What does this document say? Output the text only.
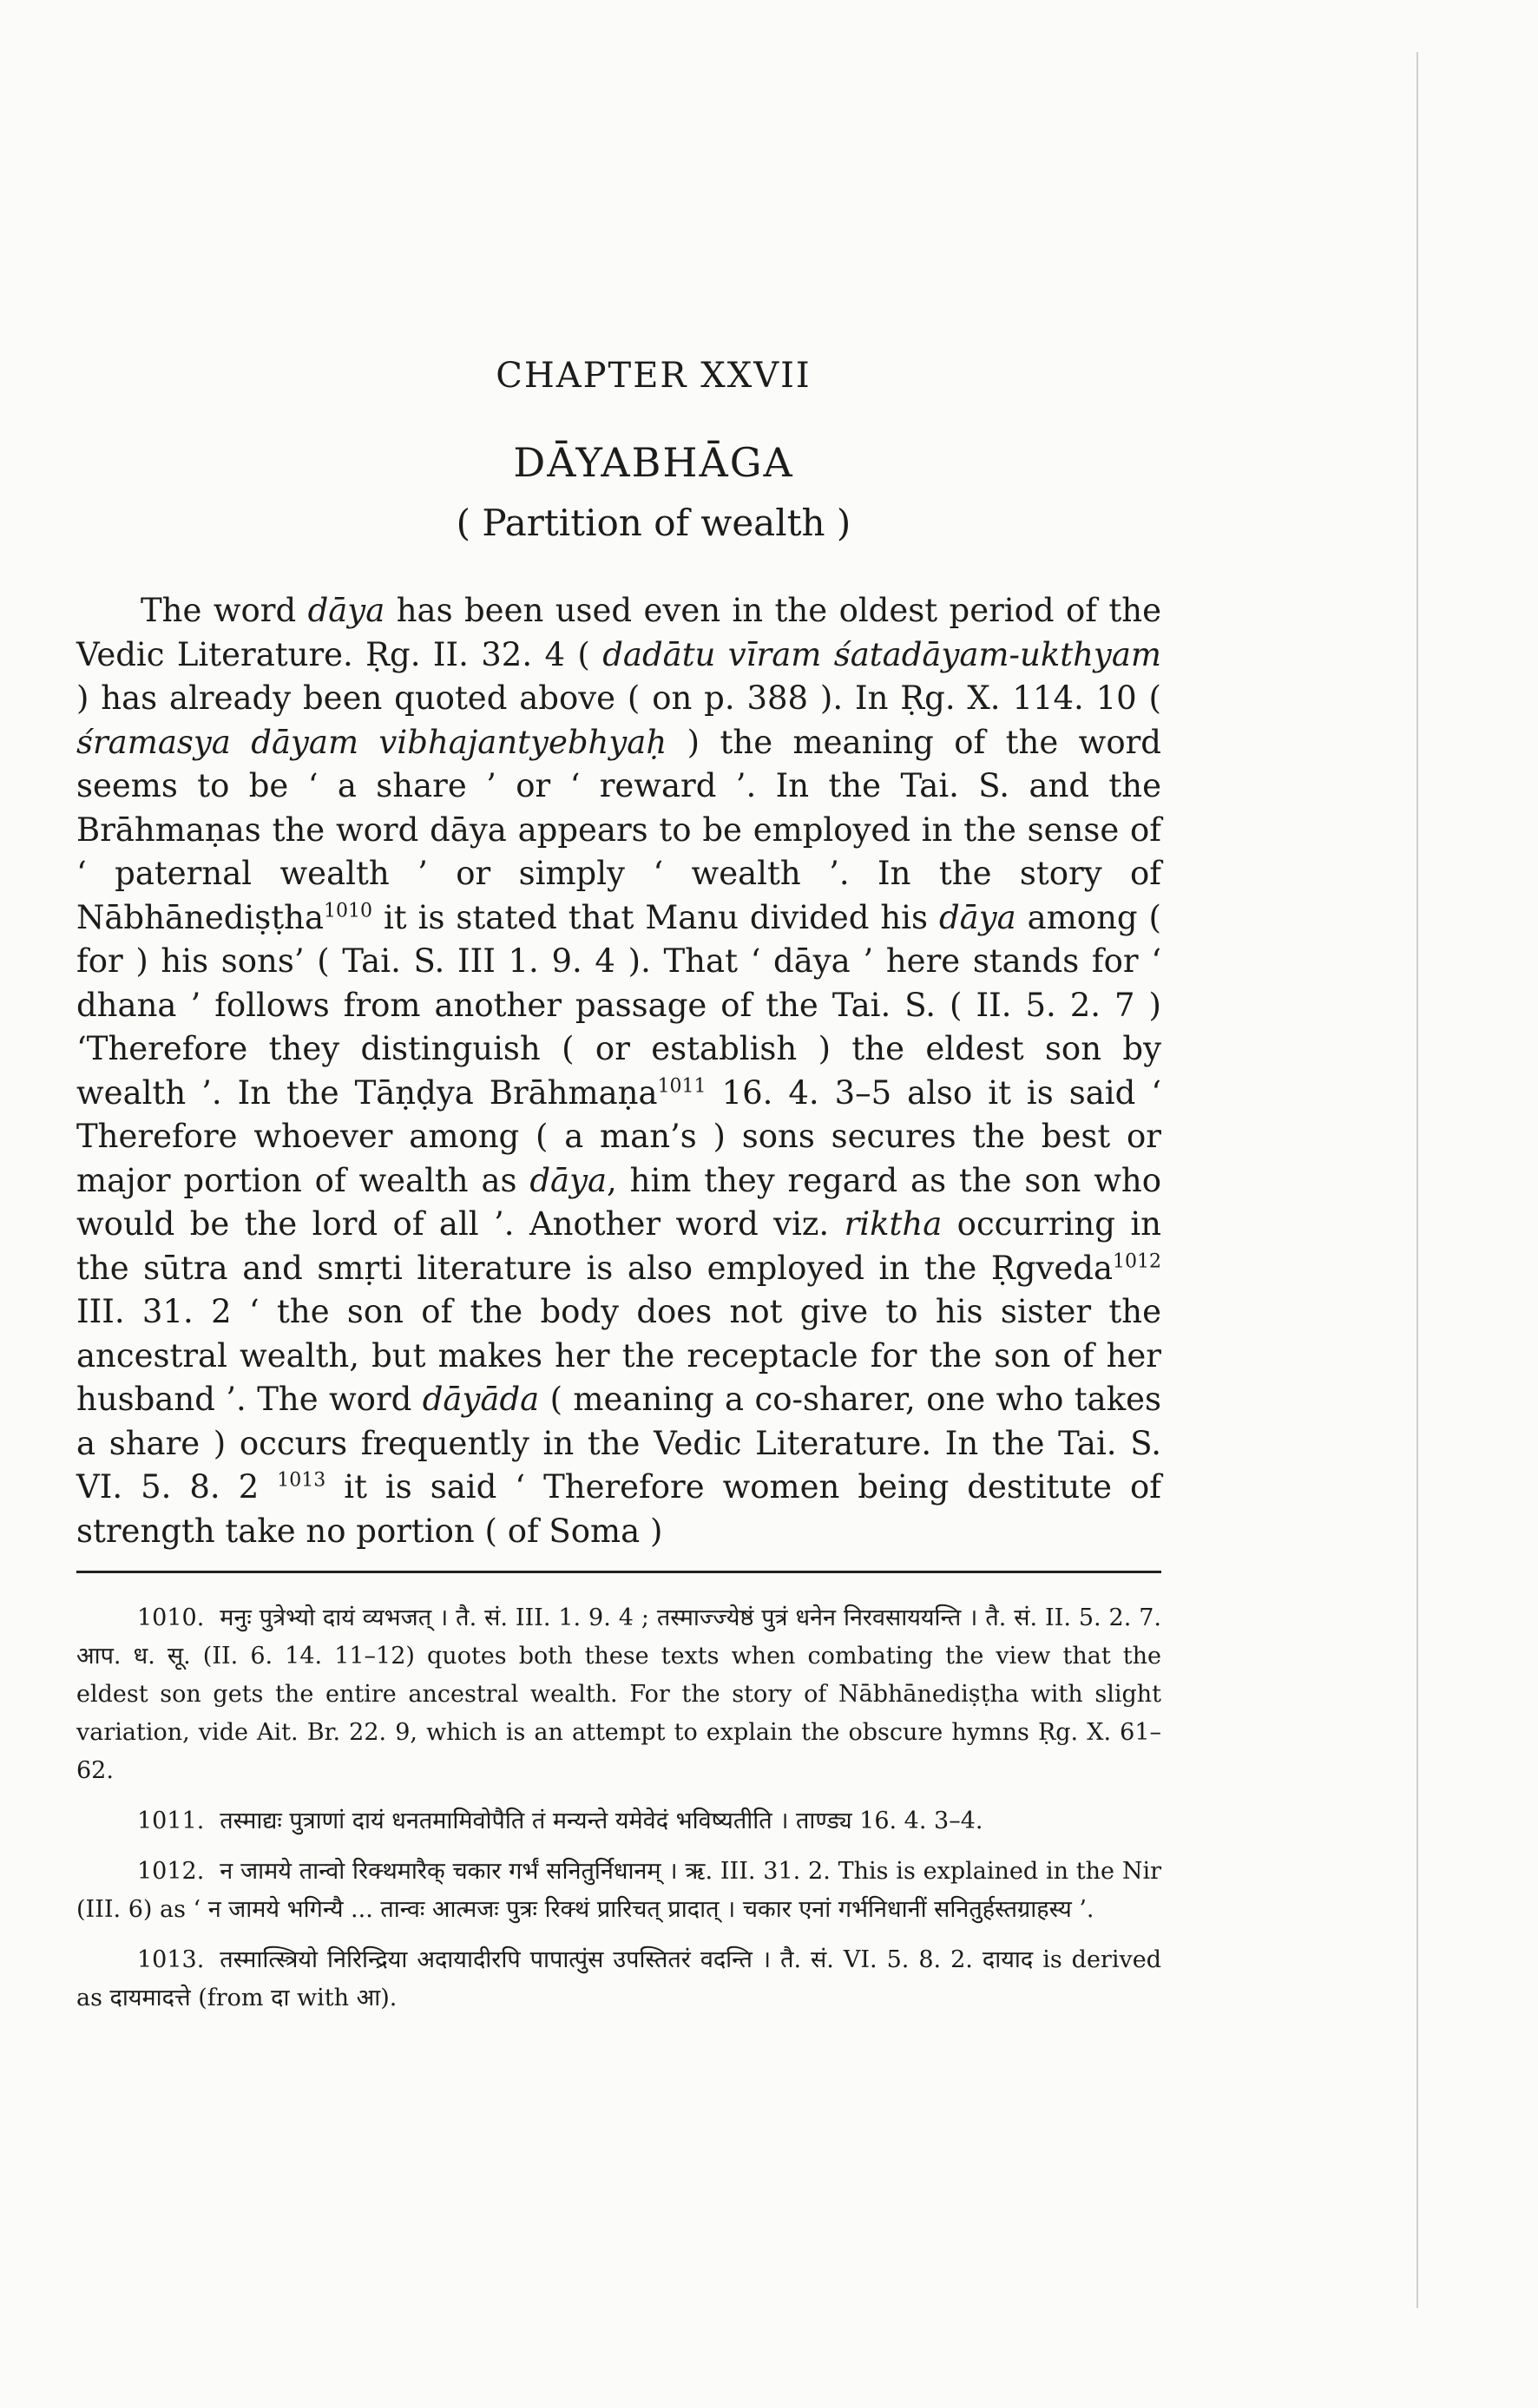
CHAPTER XXVII
DĀYABHĀGA
( Partition of wealth )

The word dāya has been used even in the oldest period of the Vedic Literature. Ṛg. II. 32. 4 ( dadātu vīram śatadāyam-ukthyam ) has already been quoted above ( on p. 388 ). In Ṛg. X. 114. 10 ( śramasya dāyam vibhajantyebhyaḥ ) the meaning of the word seems to be ‘ a share ’ or ‘ reward ’. In the Tai. S. and the Brāhmaṇas the word dāya appears to be employed in the sense of ‘ paternal wealth ’ or simply ‘ wealth ’. In the story of Nābhānediṣṭha$^{1010}$ it is stated that Manu divided his dāya among ( for ) his sons’ ( Tai. S. III 1. 9. 4 ). That ‘ dāya ’ here stands for ‘ dhana ’ follows from another passage of the Tai. S. ( II. 5. 2. 7 ) ‘Therefore they distinguish ( or establish ) the eldest son by wealth ’. In the Tāṇḍya Brāhmaṇa$^{1011}$ 16. 4. 3–5 also it is said ‘ Therefore whoever among ( a man’s ) sons secures the best or major portion of wealth as dāya, him they regard as the son who would be the lord of all ’. Another word viz. riktha occurring in the sūtra and smṛti literature is also employed in the Ṛgveda$^{1012}$ III. 31. 2 ‘ the son of the body does not give to his sister the ancestral wealth, but makes her the receptacle for the son of her husband ’. The word dāyāda ( meaning a co-sharer, one who takes a share ) occurs frequently in the Vedic Literature. In the Tai. S. VI. 5. 8. 2 $^{1013}$ it is said ‘ Therefore women being destitute of strength take no portion ( of Soma )

1010. मनुः पुत्रेभ्यो दायं व्यभजत् । तै. सं. III. 1. 9. 4 ; तस्माज्ज्येष्ठं पुत्रं धनेन निरवसाययन्ति । तै. सं. II. 5. 2. 7. आप. ध. सू. (II. 6. 14. 11–12) quotes both these texts when combating the view that the eldest son gets the entire ancestral wealth. For the story of Nābhānediṣṭha with slight variation, vide Ait. Br. 22. 9, which is an attempt to explain the obscure hymns Ṛg. X. 61–62.

1011. तस्माद्यः पुत्राणां दायं धनतमामिवोपैति तं मन्यन्ते यमेवेदं भविष्यतीति । ताण्ड्य 16. 4. 3–4.

1012. न जामये तान्वो रिक्थमारैक् चकार गर्भं सनितुर्निधानम् । ऋ. III. 31. 2. This is explained in the Nir (III. 6) as ‘ न जामये भगिन्यै ... तान्वः आत्मजः पुत्रः रिक्थं प्रारिचत् प्रादात् । चकार एनां गर्भनिधानीं सनितुर्हस्तग्राहस्य ’.

1013. तस्मात्स्त्रियो निरिन्द्रिया अदायादीरपि पापात्पुंस उपस्तितरं वदन्ति । तै. सं. VI. 5. 8. 2. दायाद is derived as दायमादत्ते (from दा with आ).
